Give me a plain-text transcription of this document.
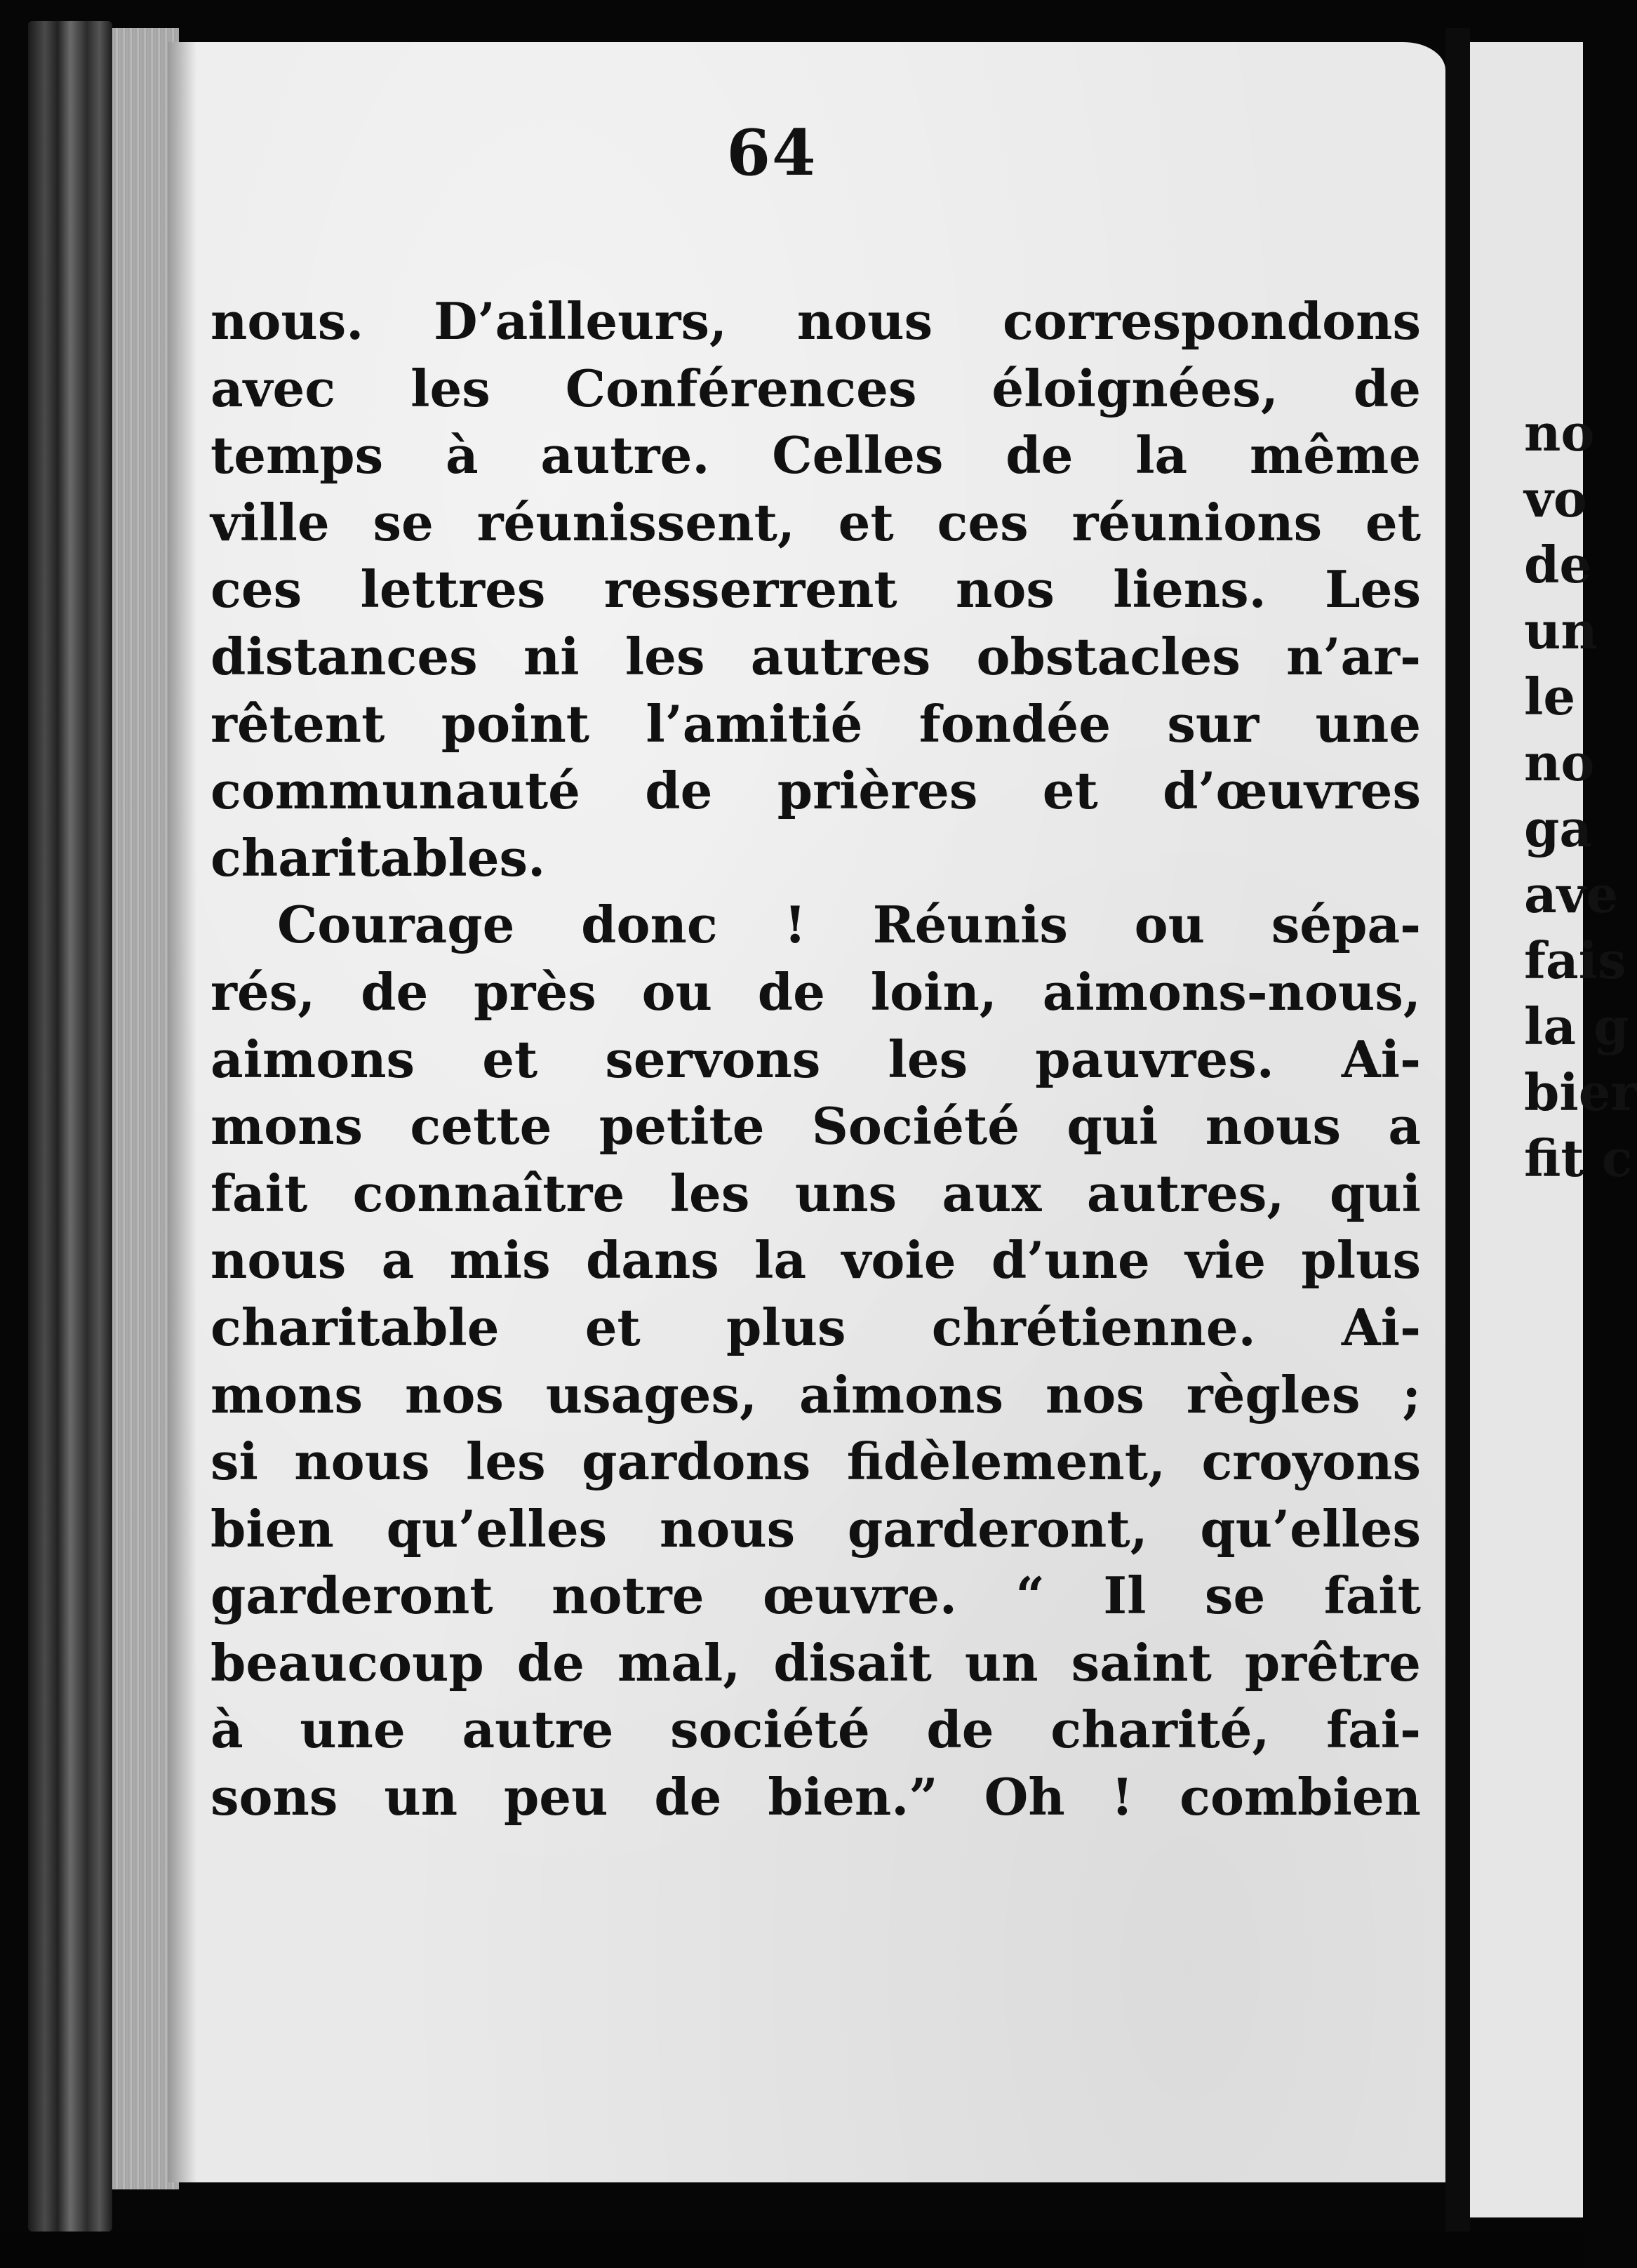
64
nous. D’ailleurs, nous correspondons
avec les Conférences éloignées, de
temps à autre. Celles de la même
ville se réunissent, et ces réunions et
ces lettres resserrent nos liens. Les
distances ni les autres obstacles n’ar-
rêtent point l’amitié fondée sur une
communauté de prières et d’œuvres
charitables.
Courage donc ! Réunis ou sépa-
rés, de près ou de loin, aimons-nous,
aimons et servons les pauvres. Ai-
mons cette petite Société qui nous a
fait connaître les uns aux autres, qui
nous a mis dans la voie d’une vie plus
charitable et plus chrétienne. Ai-
mons nos usages, aimons nos règles ;
si nous les gardons fidèlement, croyons
bien qu’elles nous garderont, qu’elles
garderont notre œuvre. “ Il se fait
beaucoup de mal, disait un saint prêtre
à une autre société de charité, fai-
sons un peu de bien.” Oh ! combien
no
vo
de
un
le
no
ga
ave
fais
la g
bier
fit c
